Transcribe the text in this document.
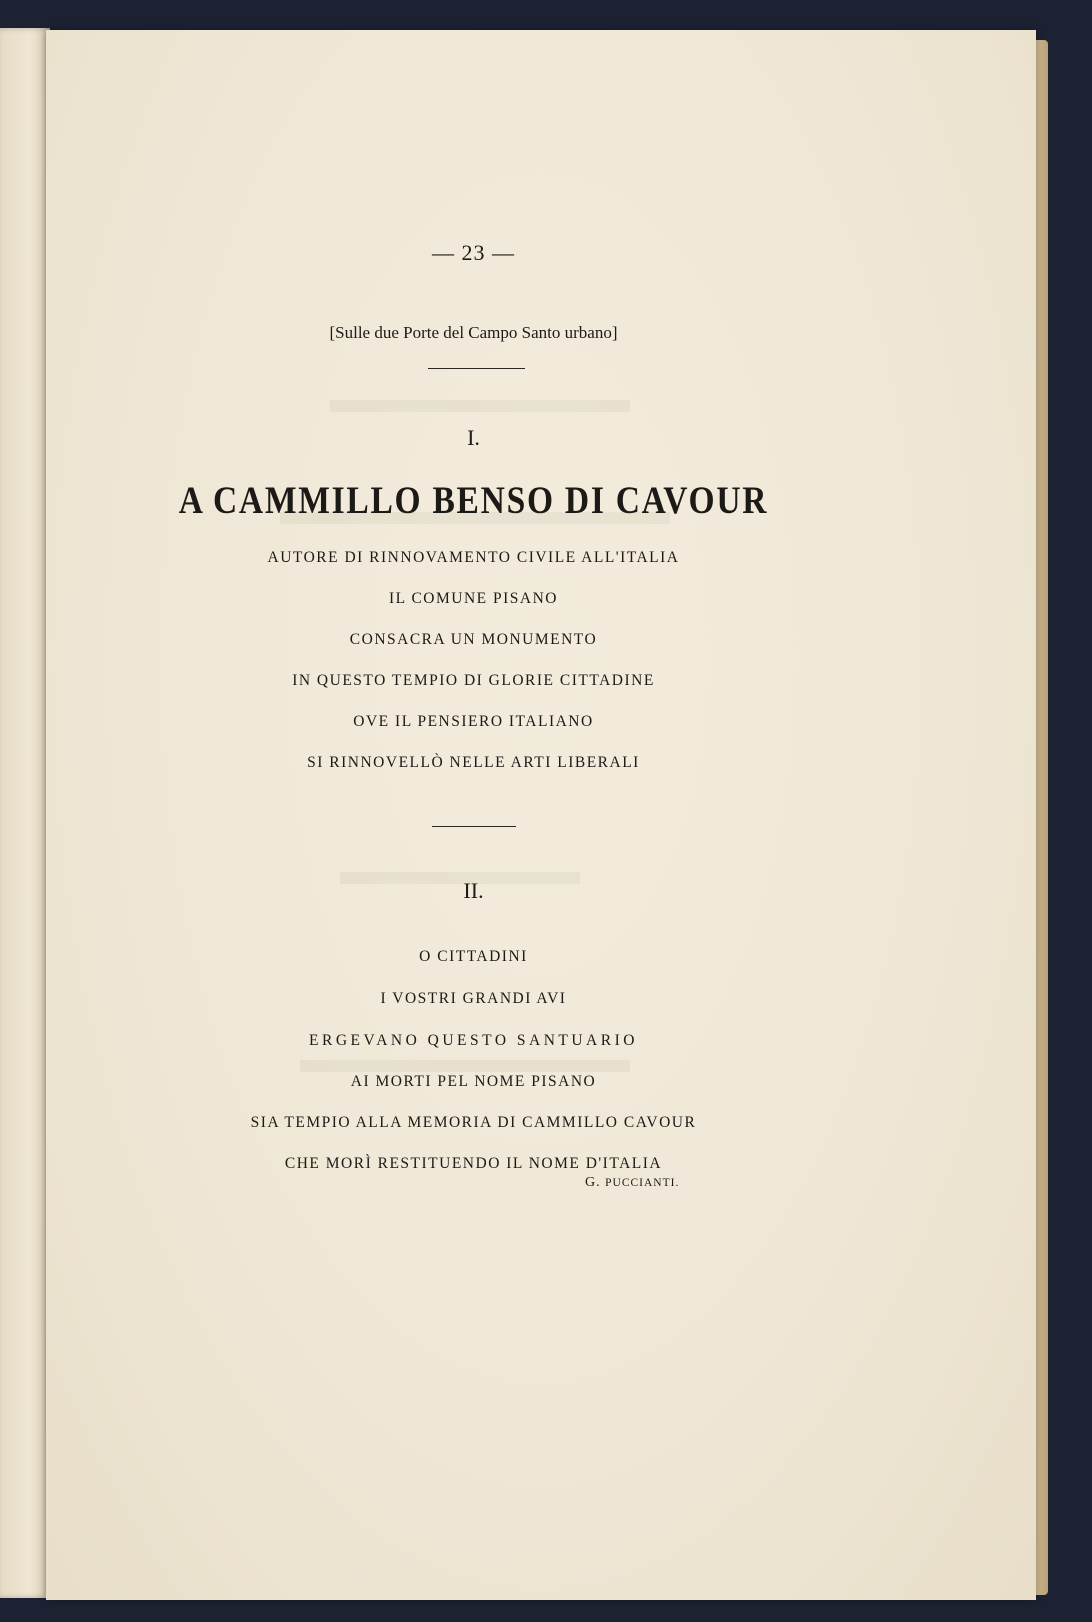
— 23 —
[Sulle due Porte del Campo Santo urbano]
I.
A CAMMILLO BENSO DI CAVOUR
AUTORE DI RINNOVAMENTO CIVILE ALL'ITALIA
IL COMUNE PISANO
CONSACRA UN MONUMENTO
IN QUESTO TEMPIO DI GLORIE CITTADINE
OVE IL PENSIERO ITALIANO
SI RINNOVELLÒ NELLE ARTI LIBERALI
II.
O CITTADINI
I VOSTRI GRANDI AVI
ERGEVANO QUESTO SANTUARIO
AI MORTI PEL NOME PISANO
SIA TEMPIO ALLA MEMORIA DI CAMMILLO CAVOUR
CHE MORÌ RESTITUENDO IL NOME D'ITALIA
G. PUCCIANTI.
